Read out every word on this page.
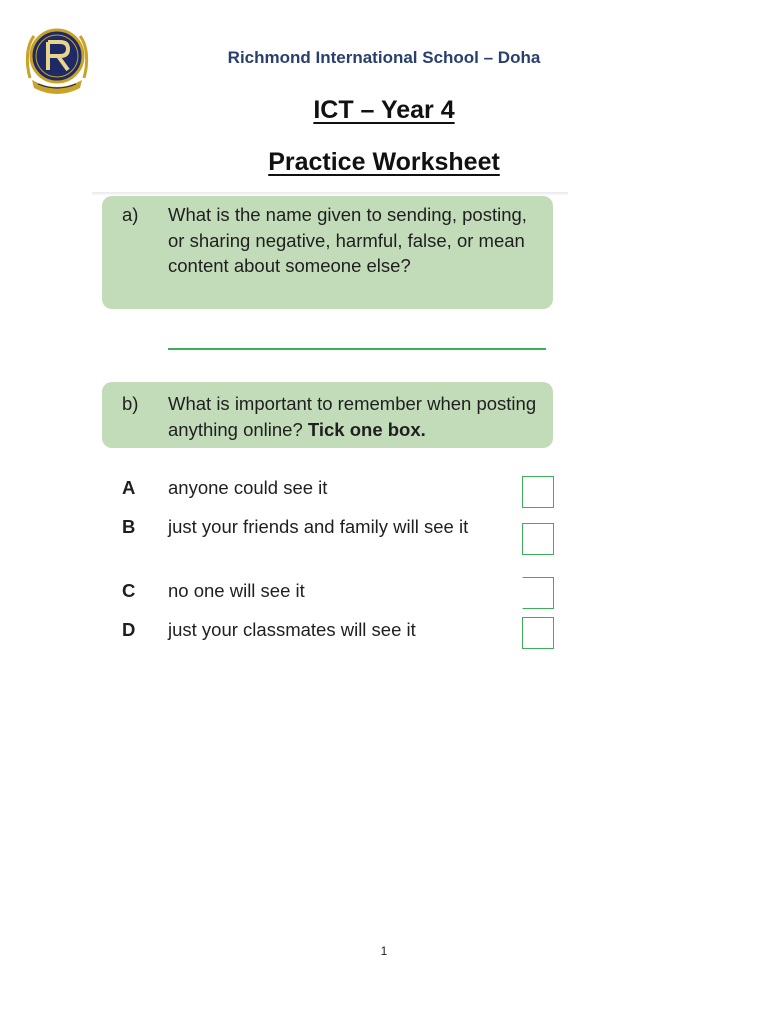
Richmond International School – Doha
ICT – Year 4
Practice Worksheet
a)	What is the name given to sending, posting, or sharing negative, harmful, false, or mean content about someone else?
b)	What is important to remember when posting anything online? Tick one box.
A	anyone could see it
B	just your friends and family will see it
C	no one will see it
D	just your classmates will see it
1
